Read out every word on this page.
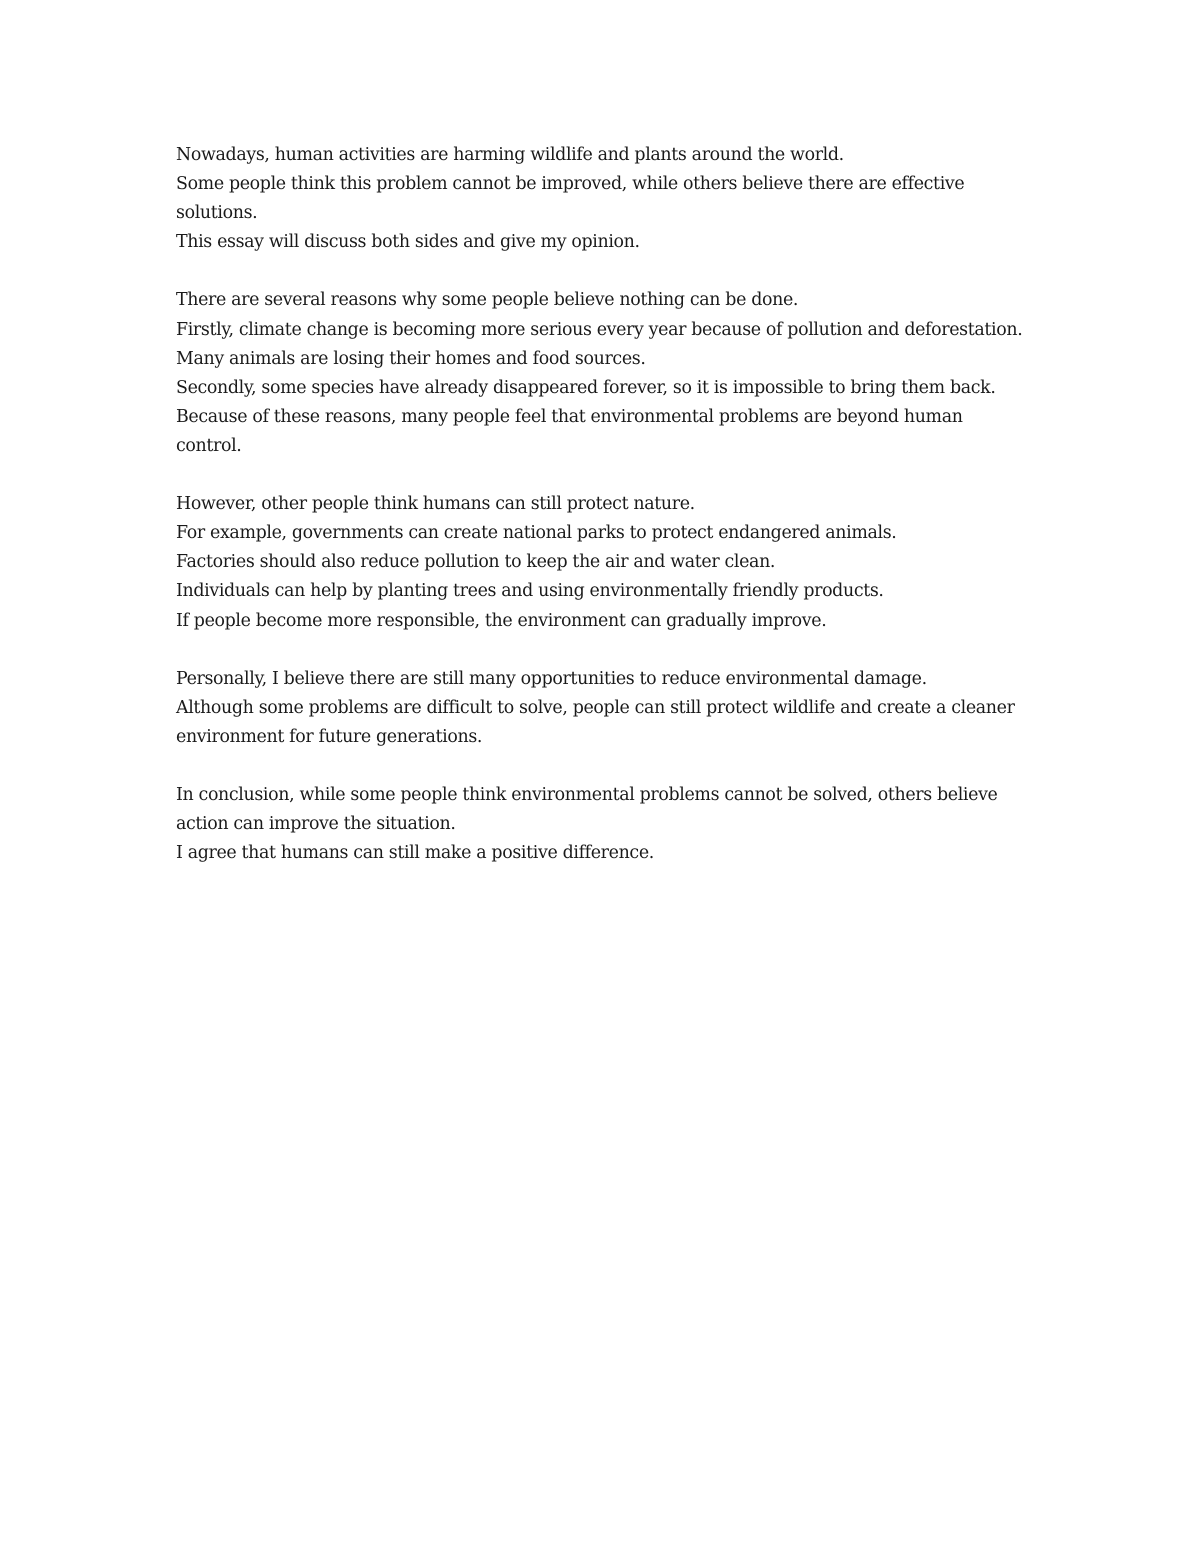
Nowadays, human activities are harming wildlife and plants around the world.
Some people think this problem cannot be improved, while others believe there are effective solutions.
This essay will discuss both sides and give my opinion.

There are several reasons why some people believe nothing can be done.
Firstly, climate change is becoming more serious every year because of pollution and deforestation.
Many animals are losing their homes and food sources.
Secondly, some species have already disappeared forever, so it is impossible to bring them back.
Because of these reasons, many people feel that environmental problems are beyond human control.

However, other people think humans can still protect nature.
For example, governments can create national parks to protect endangered animals.
Factories should also reduce pollution to keep the air and water clean.
Individuals can help by planting trees and using environmentally friendly products.
If people become more responsible, the environment can gradually improve.

Personally, I believe there are still many opportunities to reduce environmental damage.
Although some problems are difficult to solve, people can still protect wildlife and create a cleaner environment for future generations.

In conclusion, while some people think environmental problems cannot be solved, others believe action can improve the situation.
I agree that humans can still make a positive difference.
